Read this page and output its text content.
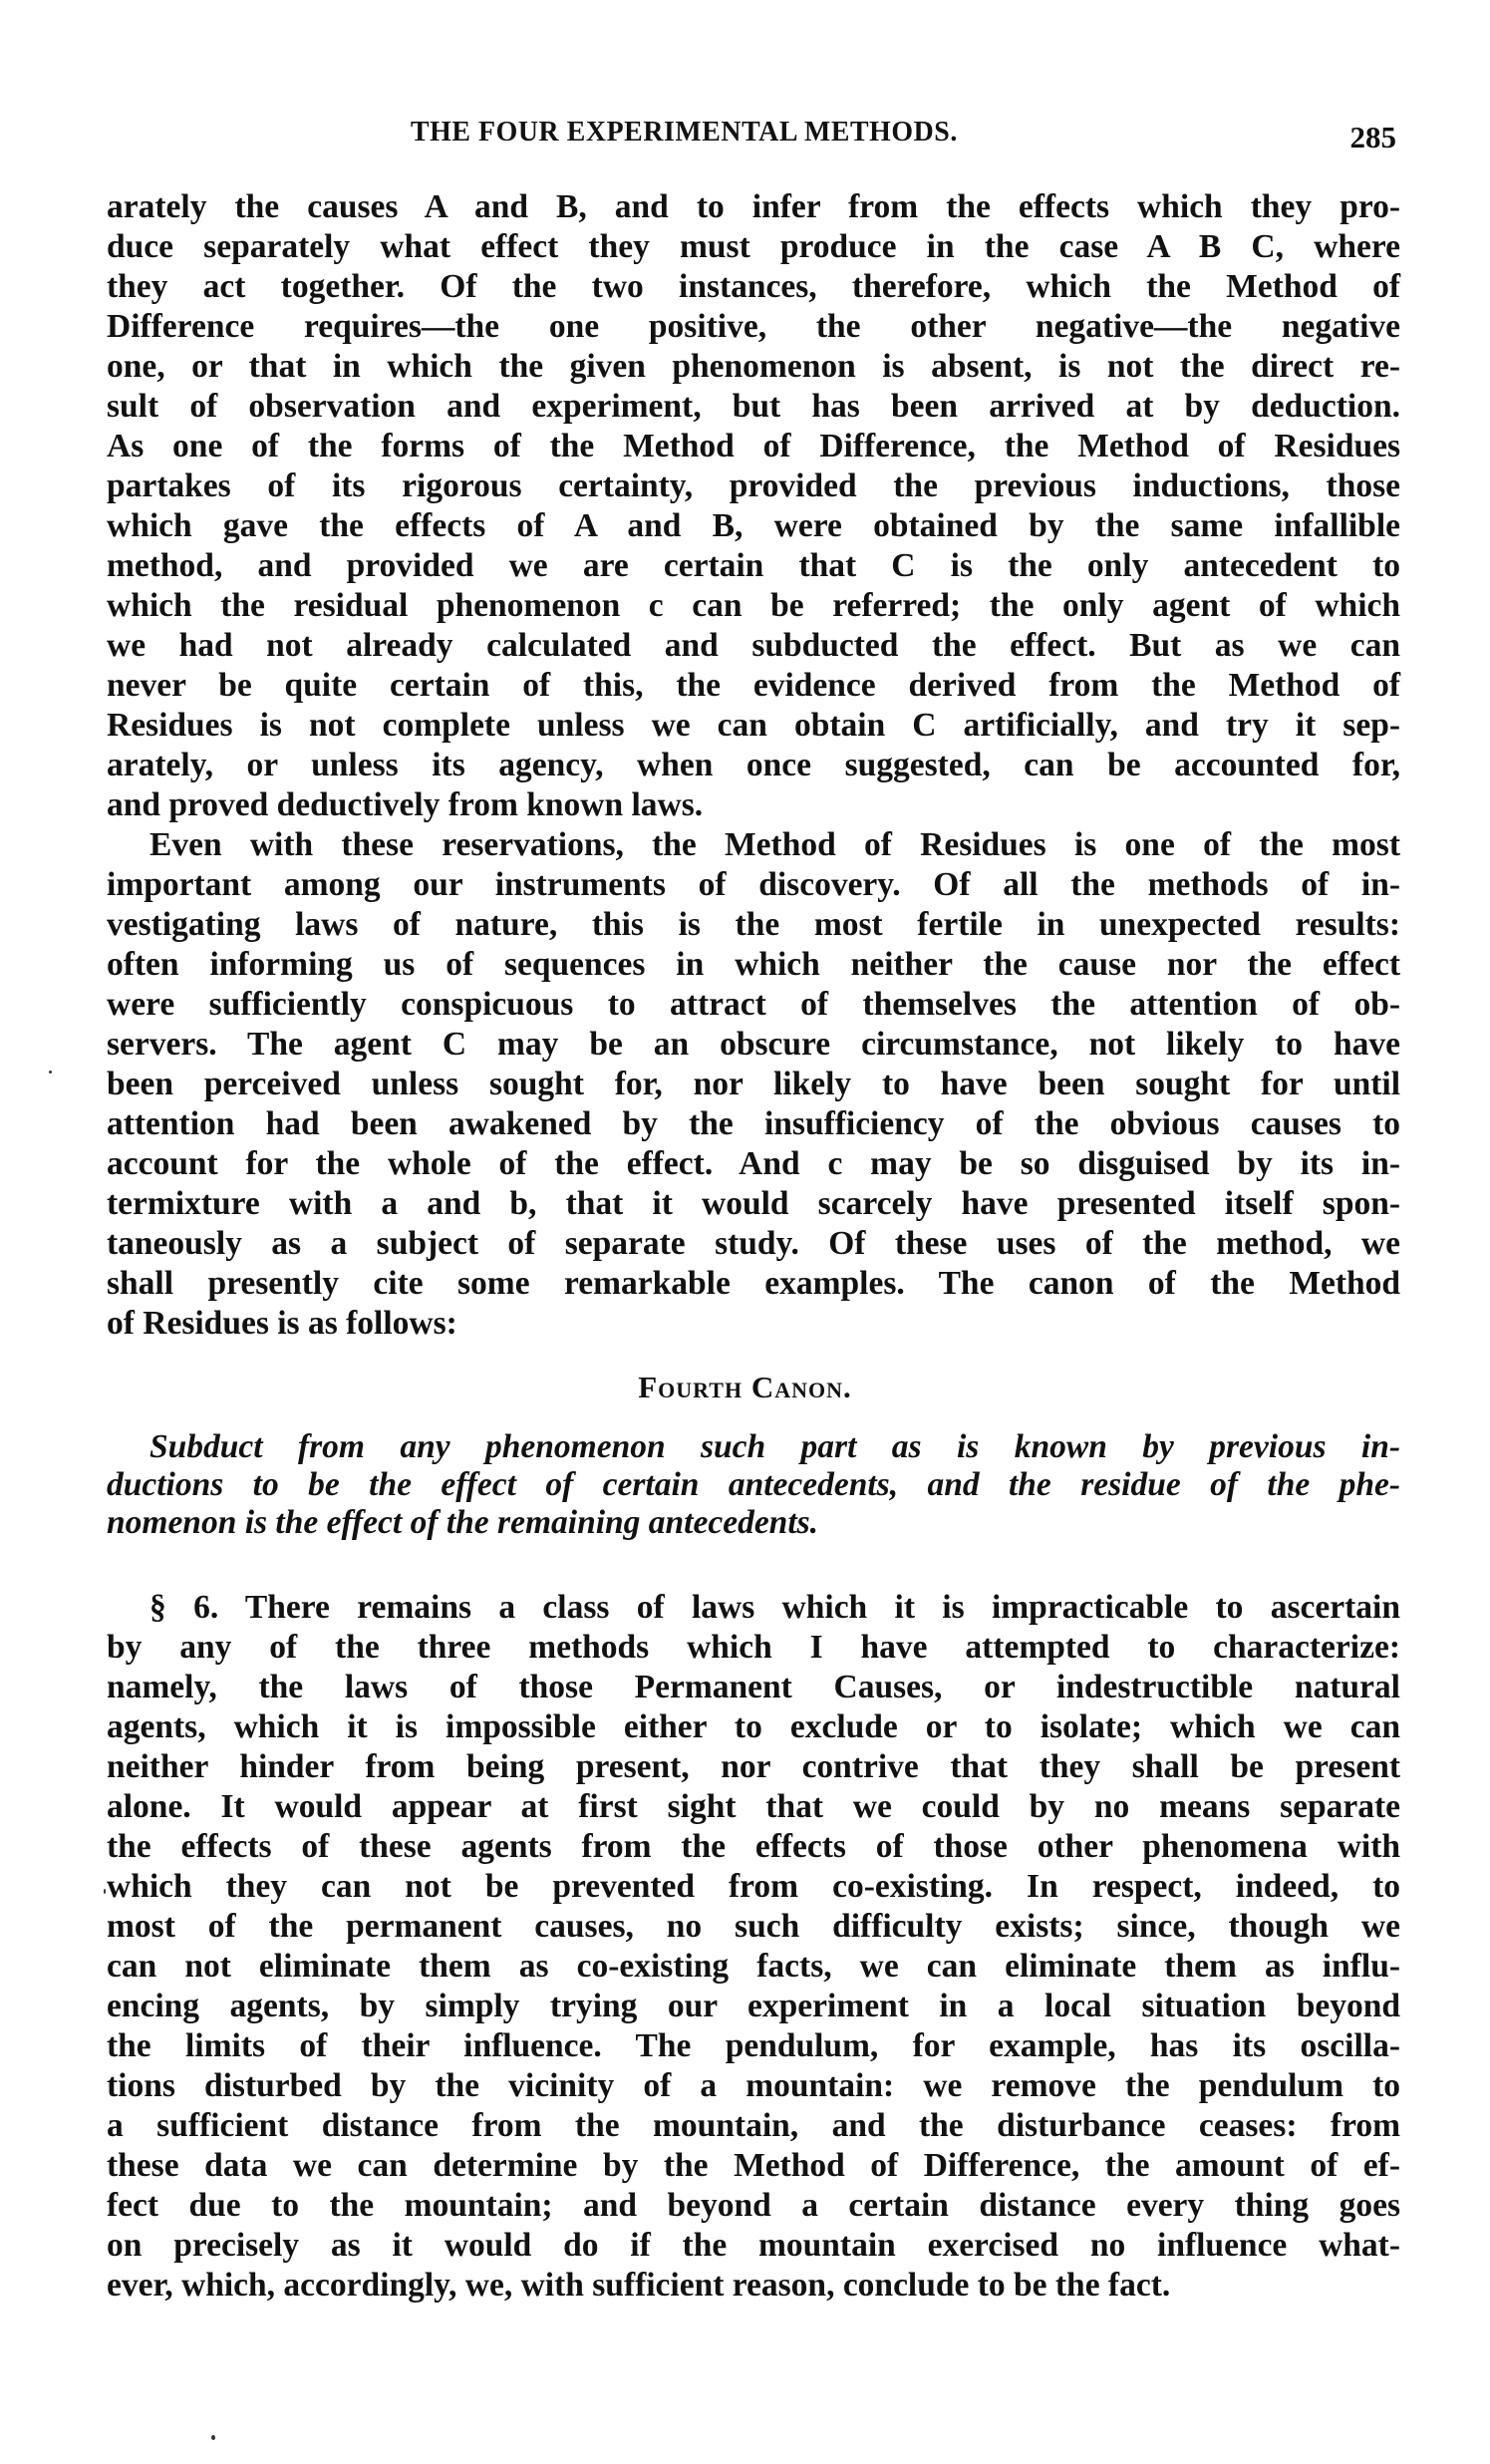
THE FOUR EXPERIMENTAL METHODS.	285

arately the causes A and B, and to infer from the effects which they pro-
duce separately what effect they must produce in the case A B C, where
they act together. Of the two instances, therefore, which the Method of
Difference requires—the one positive, the other negative—the negative
one, or that in which the given phenomenon is absent, is not the direct re-
sult of observation and experiment, but has been arrived at by deduction.
As one of the forms of the Method of Difference, the Method of Residues
partakes of its rigorous certainty, provided the previous inductions, those
which gave the effects of A and B, were obtained by the same infallible
method, and provided we are certain that C is the only antecedent to
which the residual phenomenon c can be referred; the only agent of which
we had not already calculated and subducted the effect. But as we can
never be quite certain of this, the evidence derived from the Method of
Residues is not complete unless we can obtain C artificially, and try it sep-
arately, or unless its agency, when once suggested, can be accounted for,
and proved deductively from known laws.

Even with these reservations, the Method of Residues is one of the most
important among our instruments of discovery. Of all the methods of in-
vestigating laws of nature, this is the most fertile in unexpected results:
often informing us of sequences in which neither the cause nor the effect
were sufficiently conspicuous to attract of themselves the attention of ob-
servers. The agent C may be an obscure circumstance, not likely to have
been perceived unless sought for, nor likely to have been sought for until
attention had been awakened by the insufficiency of the obvious causes to
account for the whole of the effect. And c may be so disguised by its in-
termixture with a and b, that it would scarcely have presented itself spon-
taneously as a subject of separate study. Of these uses of the method, we
shall presently cite some remarkable examples. The canon of the Method
of Residues is as follows:

Fourth Canon.

Subduct from any phenomenon such part as is known by previous in-
ductions to be the effect of certain antecedents, and the residue of the phe-
nomenon is the effect of the remaining antecedents.

§ 6. There remains a class of laws which it is impracticable to ascertain
by any of the three methods which I have attempted to characterize:
namely, the laws of those Permanent Causes, or indestructible natural
agents, which it is impossible either to exclude or to isolate; which we can
neither hinder from being present, nor contrive that they shall be present
alone. It would appear at first sight that we could by no means separate
the effects of these agents from the effects of those other phenomena with
which they can not be prevented from co-existing. In respect, indeed, to
most of the permanent causes, no such difficulty exists; since, though we
can not eliminate them as co-existing facts, we can eliminate them as influ-
encing agents, by simply trying our experiment in a local situation beyond
the limits of their influence. The pendulum, for example, has its oscilla-
tions disturbed by the vicinity of a mountain: we remove the pendulum to
a sufficient distance from the mountain, and the disturbance ceases: from
these data we can determine by the Method of Difference, the amount of ef-
fect due to the mountain; and beyond a certain distance every thing goes
on precisely as it would do if the mountain exercised no influence what-
ever, which, accordingly, we, with sufficient reason, conclude to be the fact.
